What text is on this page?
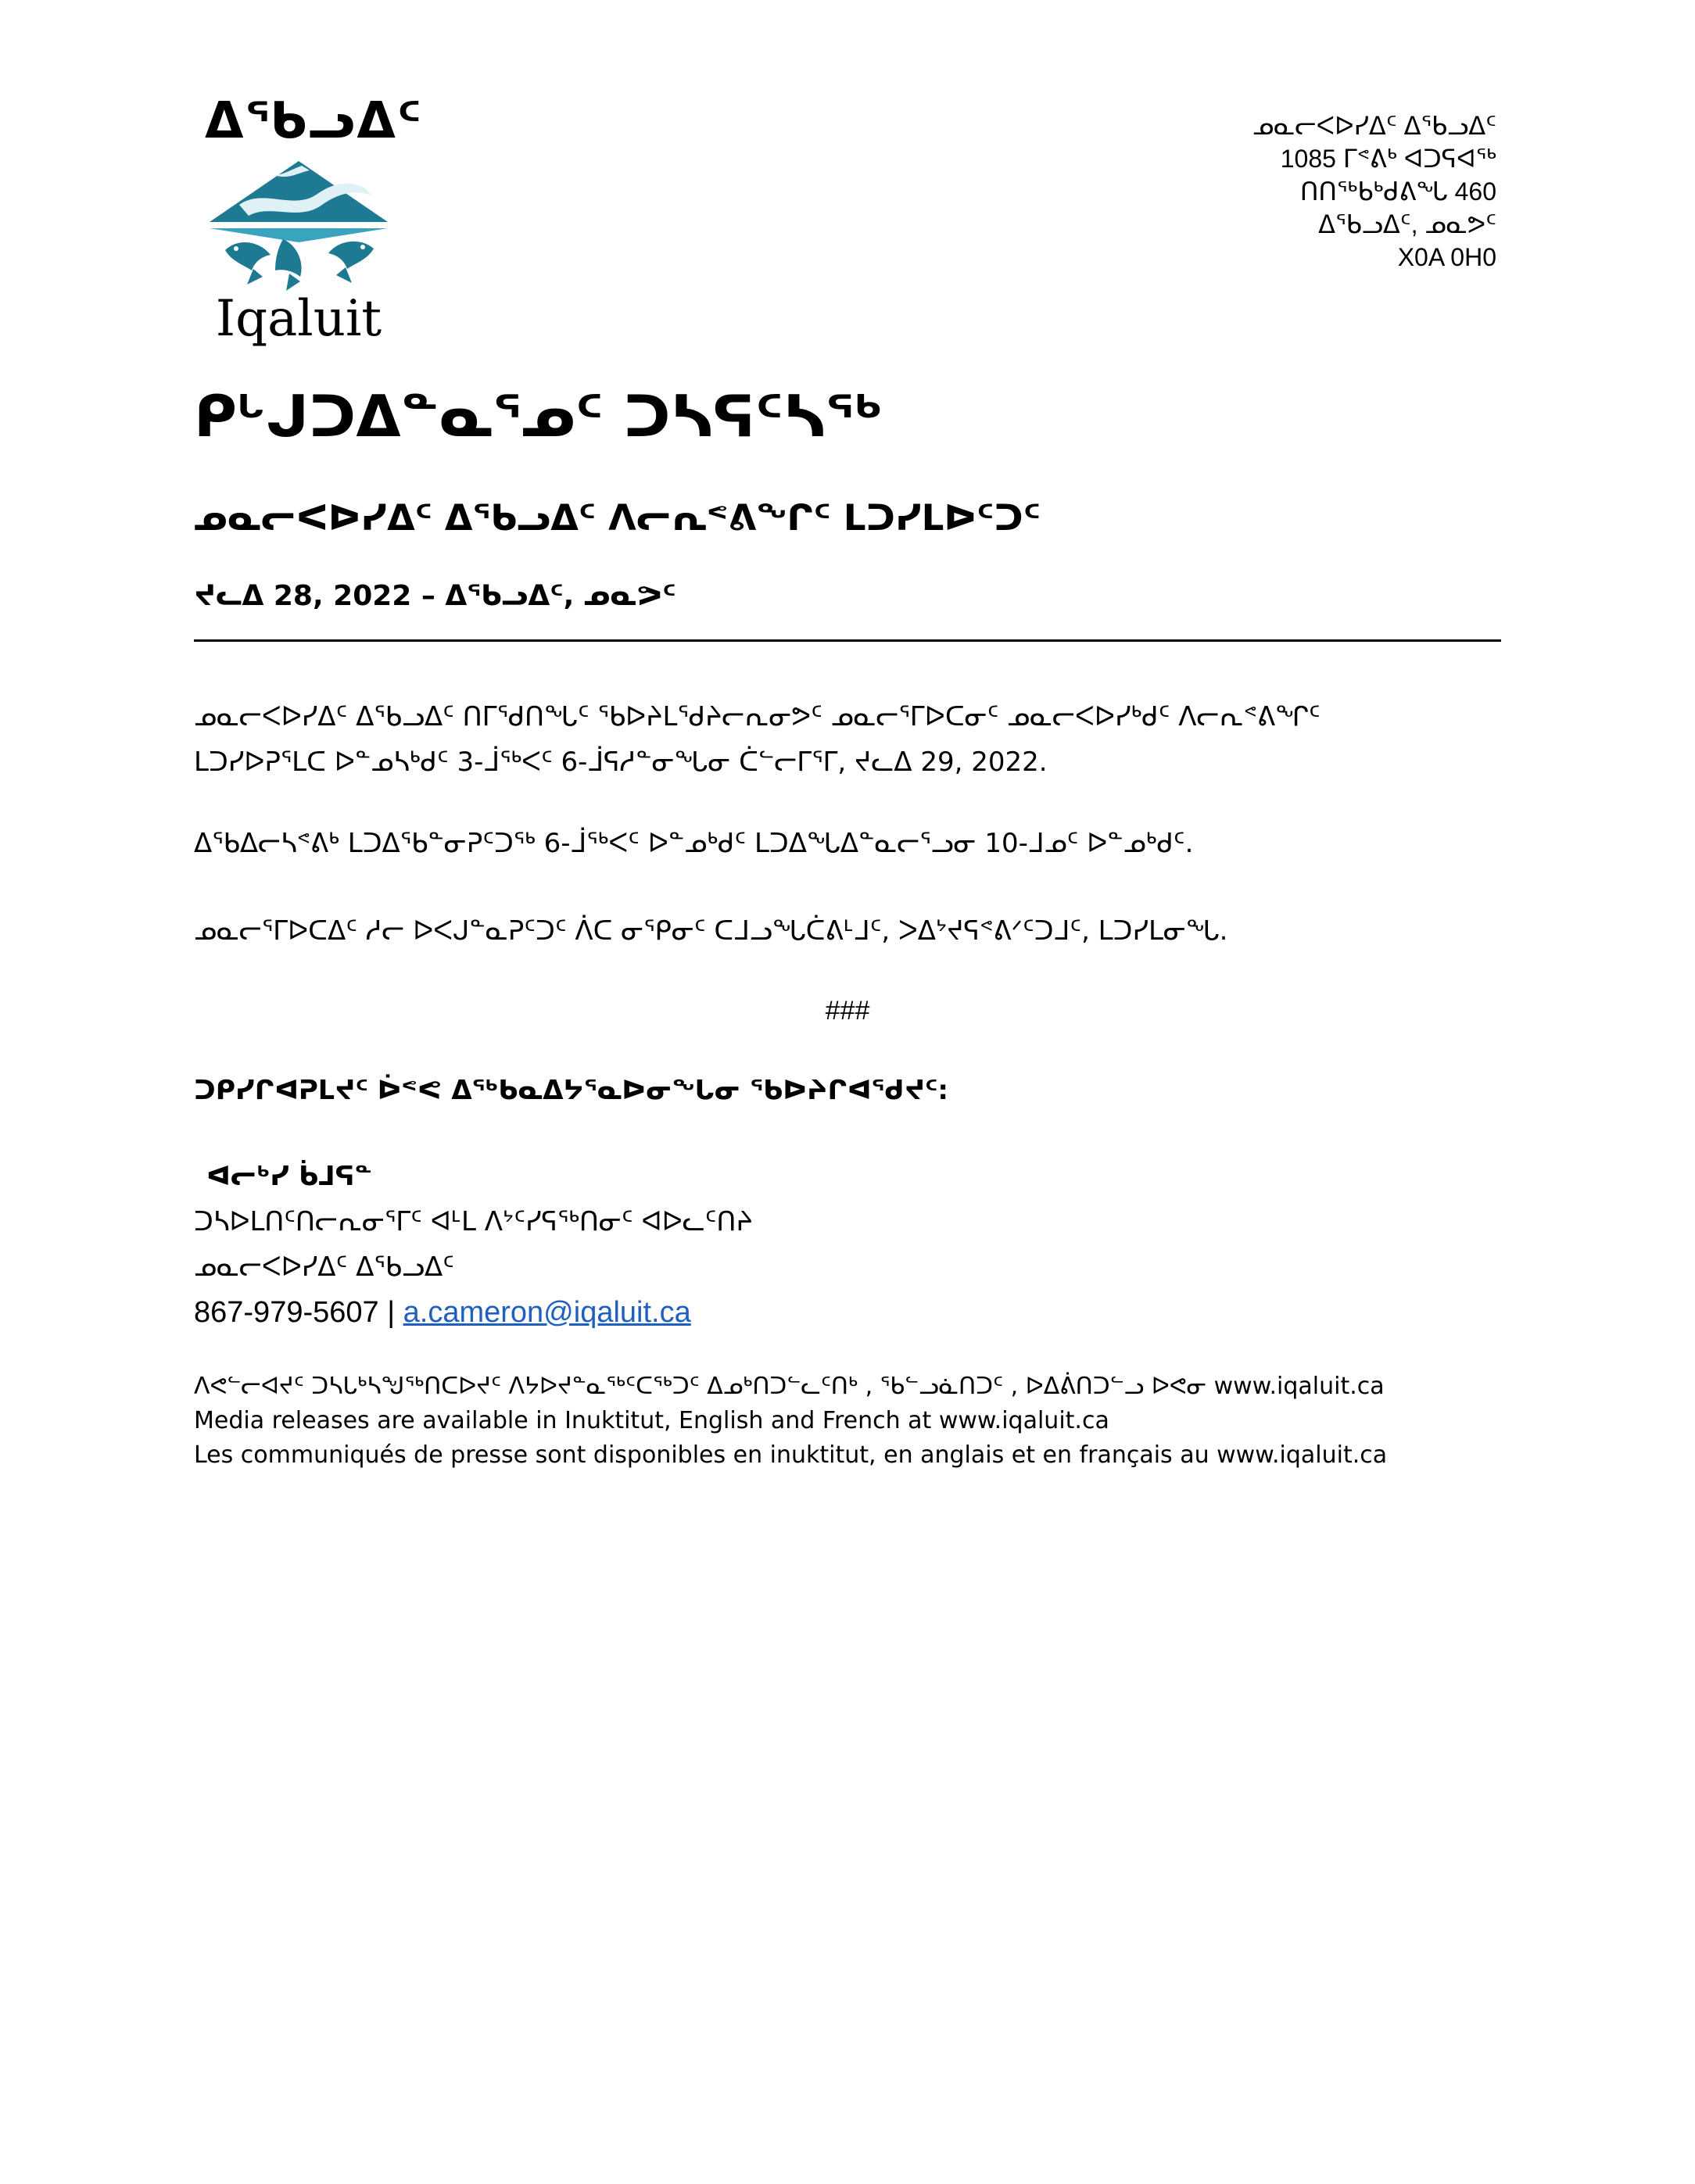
ᐃᖃᓗᐃᑦ
Iqaluit
ᓄᓇᓕᐸᐅᓯᐃᑦ ᐃᖃᓗᐃᑦ
1085 ᒥᕝᕕᒃ ᐊᑐᕋᐊᖅ
ᑎᑎᖅᑲᒃᑯᕕᖓ 460
ᐃᖃᓗᐃᑦ, ᓄᓇᕗᑦ
X0A 0H0
ᑭᒡᒍᑐᐃᓐᓇᕐᓄᑦ ᑐᓴᕋᑦᓴᖅ
ᓄᓇᓕᐸᐅᓯᐃᑦ ᐃᖃᓗᐃᑦ ᐱᓕᕆᕝᕕᖏᑦ ᒪᑐᓯᒪᐅᑦᑐᑦ
ᔪᓚᐃ 28, 2022 – ᐃᖃᓗᐃᑦ, ᓄᓇᕗᑦ

ᓄᓇᓕᐸᐅᓯᐃᑦ ᐃᖃᓗᐃᑦ ᑎᒥᖁᑎᖓᑦ ᖃᐅᔨᒪᖁᔨᓕᕆᓂᕗᑦ ᓄᓇᓕᕐᒥᐅᑕᓂᑦ ᓄᓇᓕᐸᐅᓯᒃᑯᑦ ᐱᓕᕆᕝᕕᖏᑦ

ᒪᑐᓯᐅᕈᕐᒪᑕ ᐅᓐᓄᓴᒃᑯᑦ 3-ᒨᖅᐸᑦ 6-ᒨᕋᓱᓐᓂᖓᓂ ᑖᓪᓕᒥᕐᒥ, ᔪᓚᐃ 29, 2022.

ᐃᖃᐃᓕᓴᕝᕕᒃ ᒪᑐᐃᖃᓐᓂᕈᑦᑐᖅ 6-ᒨᖅᐸᑦ ᐅᓐᓄᒃᑯᑦ ᒪᑐᐃᖓᐃᓐᓇᓕᕐᓗᓂ 10-ᒧᓄᑦ ᐅᓐᓄᒃᑯᑦ.

ᓄᓇᓕᕐᒥᐅᑕᐃᑦ ᓱᓕ ᐅᐸᒍᓐᓇᕈᑦᑐᑦ ᐲᑕ ᓂᕿᓂᑦ ᑕᒧᓗᖓᑖᕕᒻᒧᑦ, ᐳᐃᔾᔪᕋᕝᕕᐟᑦᑐᒧᑦ, ᒪᑐᓯᒪᓂᖓ.

###
ᑐᑭᓯᒋᐊᕈᒪᔪᑦ ᐆᕝᕙ ᐃᖅᑲᓇᐃᔭᕐᓇᐅᓂᖓᓂ ᖃᐅᔨᒋᐊᕐᑯᔪᑦ:
ᐊᓕᒃᓯ ᑳᒧᕋᓐ
ᑐᓴᐅᒪᑎᑦᑎᓕᕆᓂᕐᒥᑦ ᐊᒻᒪ ᐱᔾᑦᓯᕋᖅᑎᓂᑦ ᐊᐅᓚᑦᑎᔨ
ᓄᓇᓕᐸᐅᓯᐃᑦ ᐃᖃᓗᐃᑦ
867-979-5607 | a.cameron@iqaluit.ca
ᐱᕙᓪᓕᐊᔪᑦ ᑐᓴᒐᒃᓴᖑᖅᑎᑕᐅᔪᑦ ᐱᔭᐅᔪᓐᓇᖅᑦᑕᖅᑐᑦ ᐃᓄᒃᑎᑐᓪᓚᑦᑎᒃ , ᖃᓪᓗᓈᑎᑐᑦ , ᐅᐃᕖᑎᑐᓪᓗ ᐅᕙᓂ www.iqaluit.ca
Media releases are available in Inuktitut, English and French at www.iqaluit.ca
Les communiqués de presse sont disponibles en inuktitut, en anglais et en français au www.iqaluit.ca
